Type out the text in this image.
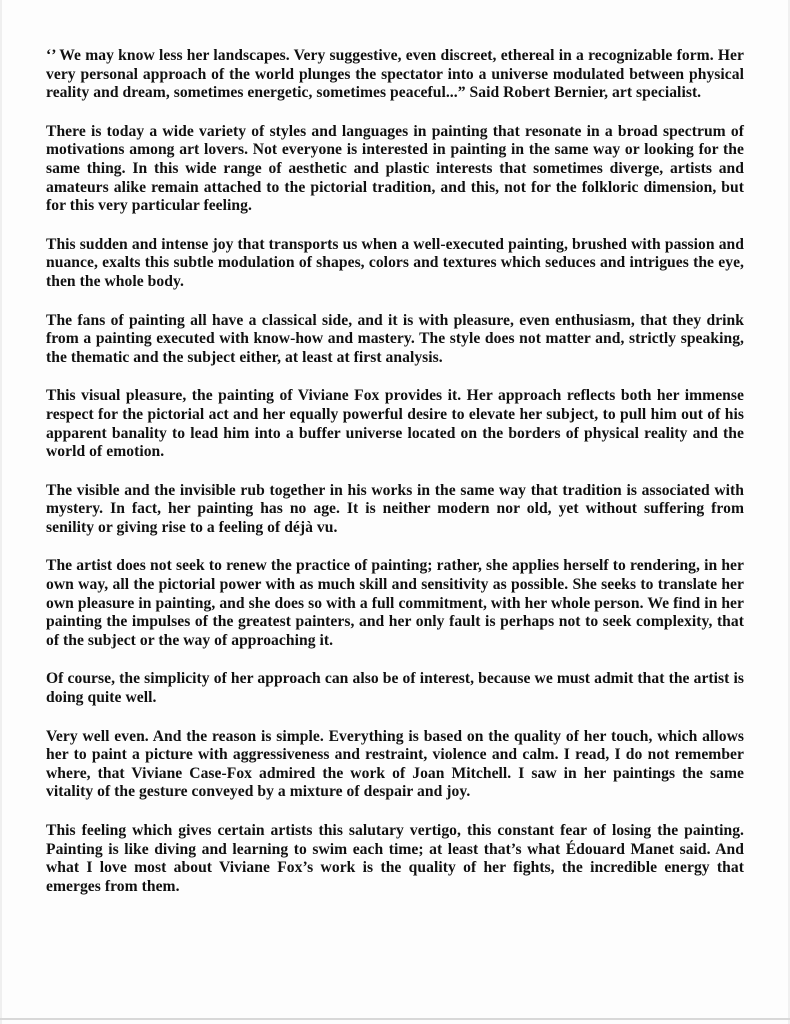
‘’ We may know less her landscapes. Very suggestive, even discreet, ethereal in a recognizable form. Her very personal approach of the world plunges the spectator into a universe modulated between physical reality and dream, sometimes energetic, sometimes peaceful...” Said Robert Bernier, art specialist.

There is today a wide variety of styles and languages in painting that resonate in a broad spectrum of motivations among art lovers. Not everyone is interested in painting in the same way or looking for the same thing. In this wide range of aesthetic and plastic interests that sometimes diverge, artists and amateurs alike remain attached to the pictorial tradition, and this, not for the folkloric dimension, but for this very particular feeling.

This sudden and intense joy that transports us when a well-executed painting, brushed with passion and nuance, exalts this subtle modulation of shapes, colors and textures which seduces and intrigues the eye, then the whole body.

The fans of painting all have a classical side, and it is with pleasure, even enthusiasm, that they drink from a painting executed with know-how and mastery. The style does not matter and, strictly speaking, the thematic and the subject either, at least at first analysis.

This visual pleasure, the painting of Viviane Fox provides it. Her approach reflects both her immense respect for the pictorial act and her equally powerful desire to elevate her subject, to pull him out of his apparent banality to lead him into a buffer universe located on the borders of physical reality and the world of emotion.

The visible and the invisible rub together in his works in the same way that tradition is associated with mystery. In fact, her painting has no age. It is neither modern nor old, yet without suffering from senility or giving rise to a feeling of déjà vu.

The artist does not seek to renew the practice of painting; rather, she applies herself to rendering, in her own way, all the pictorial power with as much skill and sensitivity as possible. She seeks to translate her own pleasure in painting, and she does so with a full commitment, with her whole person. We find in her painting the impulses of the greatest painters, and her only fault is perhaps not to seek complexity, that of the subject or the way of approaching it.

Of course, the simplicity of her approach can also be of interest, because we must admit that the artist is doing quite well.

Very well even. And the reason is simple. Everything is based on the quality of her touch, which allows her to paint a picture with aggressiveness and restraint, violence and calm. I read, I do not remember where, that Viviane Case-Fox admired the work of Joan Mitchell. I saw in her paintings the same vitality of the gesture conveyed by a mixture of despair and joy.

This feeling which gives certain artists this salutary vertigo, this constant fear of losing the painting. Painting is like diving and learning to swim each time; at least that’s what Édouard Manet said. And what I love most about Viviane Fox’s work is the quality of her fights, the incredible energy that emerges from them.
